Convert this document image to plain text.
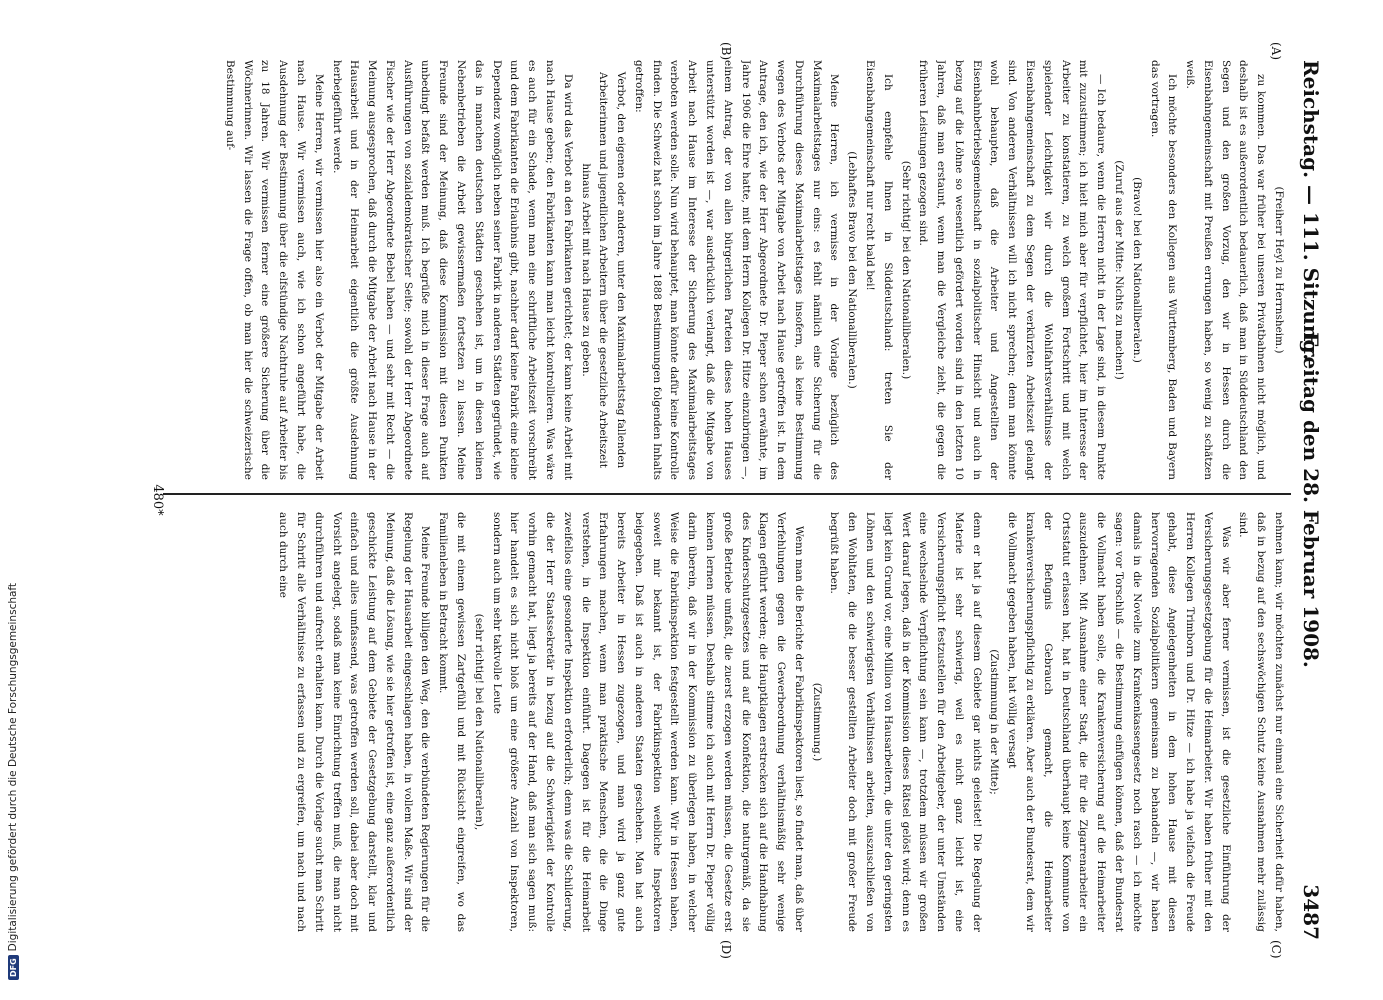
Reichstag. — 111. Sitzung.
Freitag den 28. Februar 1908.
3487
(A)
(B)
(C)
(D)

(Freiherr Heyl zu Herrnsheim.)

zu kommen. Das war früher bei unseren Privatbahnen nicht möglich, und deshalb ist es außerordentlich bedauerlich, daß man in Süddeutschland den Segen und den großen Vorzug, den wir in Hessen durch die Eisenbahngemeinschaft mit Preußen errungen haben, so wenig zu schätzen weiß.

Ich möchte besonders den Kollegen aus Württemberg, Baden und Bayern das vortragen.

(Bravo! bei den Nationalliberalen.)

(Zuruf aus der Mitte: Nichts zu machen!)

— Ich bedaure, wenn die Herren nicht in der Lage sind, in diesem Punkte mit zuzustimmen; ich hielt mich aber für verpflichtet, hier im Interesse der Arbeiter zu konstatieren, zu welch großem Fortschritt und mit welch spielender Leichtigkeit wir durch die Wohlfahrtsverhältnisse der Eisenbahngemeinschaft zu dem Segen der verkürzten Arbeitszeit gelangt sind. Von anderen Verhältnissen will ich nicht sprechen; denn man könnte wohl behaupten, daß die Arbeiter und Angestellten der Eisenbahnbetriebsgemeinschaft in sozialpolitischer Hinsicht und auch in bezug auf die Löhne so wesentlich gefördert worden sind in den letzten 10 Jahren, daß man erstaunt, wenn man die Vergleiche zieht, die gegen die früheren Leistungen gezogen sind.

(Sehr richtig! bei den Nationalliberalen.)

Ich empfehle Ihnen in Süddeutschland: treten Sie der Eisenbahngemeinschaft nur recht bald bei!

(Lebhaftes Bravo bei den Nationalliberalen.)

Meine Herren, ich vermisse in der Vorlage bezüglich des Maximalarbeitstages nur eins: es fehlt nämlich eine Sicherung für die Durchführung dieses Maximalarbeitstages insofern, als keine Bestimmung wegen des Verbots der Mitgabe von Arbeit nach Hause getroffen ist. In dem Antrage, den ich, wie der Herr Abgeordnete Dr. Pieper schon erwähnte, im Jahre 1906 die Ehre hatte, mit dem Herrn Kollegen Dr. Hitze einzubringen —, einem Antrag, der von allen bürgerlichen Parteien dieses hohen Hauses unterstützt worden ist —, war ausdrücklich verlangt, daß die Mitgabe von Arbeit nach Hause im Interesse der Sicherung des Maximalarbeitstages verboten werden solle. Nun wird behauptet, man könnte dafür keine Kontrolle finden. Die Schweiz hat schon im Jahre 1888 Bestimmungen folgenden Inhalts getroffen:

Verbot, den eigenen oder anderen, unter den Maximalarbeitstag fallenden Arbeiterinnen und jugendlichen Arbeitern über die gesetzliche Arbeitszeit hinaus Arbeit mit nach Hause zu geben.

Da wird das Verbot an den Fabrikanten gerichtet; der kann keine Arbeit mit nach Hause geben; den Fabrikanten kann man leicht kontrollieren. Was wäre es auch für ein Schade, wenn man eine schriftliche Arbeitszeit vorschreibt und dem Fabrikanten die Erlaubnis gibt, nachher darf keine Fabrik eine kleine Dependenz womöglich neben seiner Fabrik in anderen Städten gegründet, wie das in manchen deutschen Städten geschehen ist, um in diesen kleinen Nebenbetrieben die Arbeit gewissermaßen fortsetzen zu lassen. Meine Freunde sind der Meinung, daß diese Kommission mit diesen Punkten unbedingt befaßt werden muß. Ich begrüße mich in dieser Frage auch auf Ausführungen von sozialdemokratischer Seite; sowohl der Herr Abgeordnete Fischer wie der Herr Abgeordnete Bebel haben — und sehr mit Recht — die Meinung ausgesprochen, daß durch die Mitgabe der Arbeit nach Hause in der Hausarbeit und in der Heimarbeit eigentlich die größte Ausdehnung herbeigeführt werde.

Meine Herren, wir vermissen hier also ein Verbot der Mitgabe der Arbeit nach Hause. Wir vermissen auch, wie ich schon angeführt habe, die Ausdehnung der Bestimmung über die elfstündige Nachtruhe auf Arbeiter bis zu 18 Jahren. Wir vermissen ferner eine größere Sicherung über die Wöchnerinnen. Wir lassen die Frage offen, ob man hier die schweizerische Bestimmung auf-

nehmen kann; wir möchten zunächst nur einmal eine Sicherheit dafür haben, daß in bezug auf den sechswöchigen Schutz keine Ausnahmen mehr zulässig sind.

Was wir aber ferner vermissen, ist die gesetzliche Einführung der Versicherungsgesetzgebung für die Heimarbeiter. Wir haben früher mit den Herren Kollegen Trimborn und Dr. Hitze — ich habe ja vielfach die Freude gehabt, diese Angelegenheiten in dem hohen Hause mit diesen hervorragenden Sozialpolitikern gemeinsam zu behandeln —, wir haben damals in die Novelle zum Krankenkassengesetz noch rasch — ich möchte sagen: vor Torschluß — die Bestimmung einfügen können, daß der Bundesrat die Vollmacht haben solle, die Krankenversicherung auf die Heimarbeiter auszudehnen. Mit Ausnahme einer Stadt, die für die Zigarrenarbeiter ein Ortsstatut erlassen hat, hat in Deutschland überhaupt keine Kommune von der Befugnis Gebrauch gemacht, die Heimarbeiter krankenversicherungspflichtig zu erklären. Aber auch der Bundesrat, dem wir die Vollmacht gegeben haben, hat völlig versagt

(Zustimmung in der Mitte);

denn er hat ja auf diesem Gebiete gar nichts geleistet! Die Regelung der Materie ist sehr schwierig, weil es nicht ganz leicht ist, eine Versicherungspflicht festzustellen für den Arbeitgeber, der unter Umständen eine wechselnde Verpflichtung sein kann —, trotzdem müssen wir großen Wert darauf legen, daß in der Kommission dieses Rätsel gelöst wird; denn es liegt kein Grund vor, eine Million von Hausarbeitern, die unter den geringsten Löhnen und den schwierigsten Verhältnissen arbeiten, auszuschließen von den Wohltaten, die die besser gestellten Arbeiter doch mit großer Freude begrüßt haben.

(Zustimmung.)

Wenn man die Berichte der Fabrikinspektoren liest, so findet man, daß über Verfehlungen gegen die Gewerbeordnung verhältnismäßig sehr wenige Klagen geführt werden; die Hauptklagen erstrecken sich auf die Handhabung des Kinderschutzgesetzes und auf die Konfektion, die naturgemäß, da sie große Betriebe umfaßt, die zuerst erzogen werden müssen, die Gesetze erst kennen lernen müssen. Deshalb stimme ich auch mit Herrn Dr. Pieper völlig darin überein, daß wir in der Kommission zu überlegen haben, in welcher Weise die Fabrikinspektion festgestellt werden kann. Wir in Hessen haben, soweit mir bekannt ist, der Fabrikinspektion weibliche Inspektoren beigegeben. Daß ist auch in anderen Staaten geschehen. Man hat auch bereits Arbeiter in Hessen zugezogen, und man wird ja ganz gute Erfahrungen machen, wenn man praktische Menschen, die die Dinge verstehen, in die Inspektion einführt. Dagegen ist für die Heimarbeit zweifellos eine gesonderte Inspektion erforderlich; denn was die Schilderung, die der Herr Staatssekretär in bezug auf die Schwierigkeit der Kontrolle vorhin gemacht hat, liegt ja bereits auf der Hand, daß man sich sagen muß: hier handelt es sich nicht bloß um eine größere Anzahl von Inspektoren, sondern auch um sehr taktvolle Leute

(sehr richtig! bei den Nationalliberalen),

die mit einem gewissen Zartgefühl und mit Rücksicht eingreifen, wo das Familienleben in Betracht kommt.

Meine Freunde billigen den Weg, den die verbündeten Regierungen für die Regelung der Hausarbeit eingeschlagen haben, in vollem Maße. Wir sind der Meinung, daß die Lösung, wie sie hier getroffen ist, eine ganz außerordentlich geschickte Leistung auf dem Gebiete der Gesetzgebung darstellt, klar und einfach und alles umfassend, was getroffen werden soll, dabei aber doch mit Vorsicht angelegt, sodaß man keine Einrichtung treffen muß, die man nicht durchführen und aufrecht erhalten kann. Durch die Vorlage sucht man Schritt für Schritt alle Verhältnisse zu erfassen und zu ergreifen, um nach und nach auch durch eine

480*
DFGDigitalisierung gefördert durch die Deutsche Forschungsgemeinschaft
